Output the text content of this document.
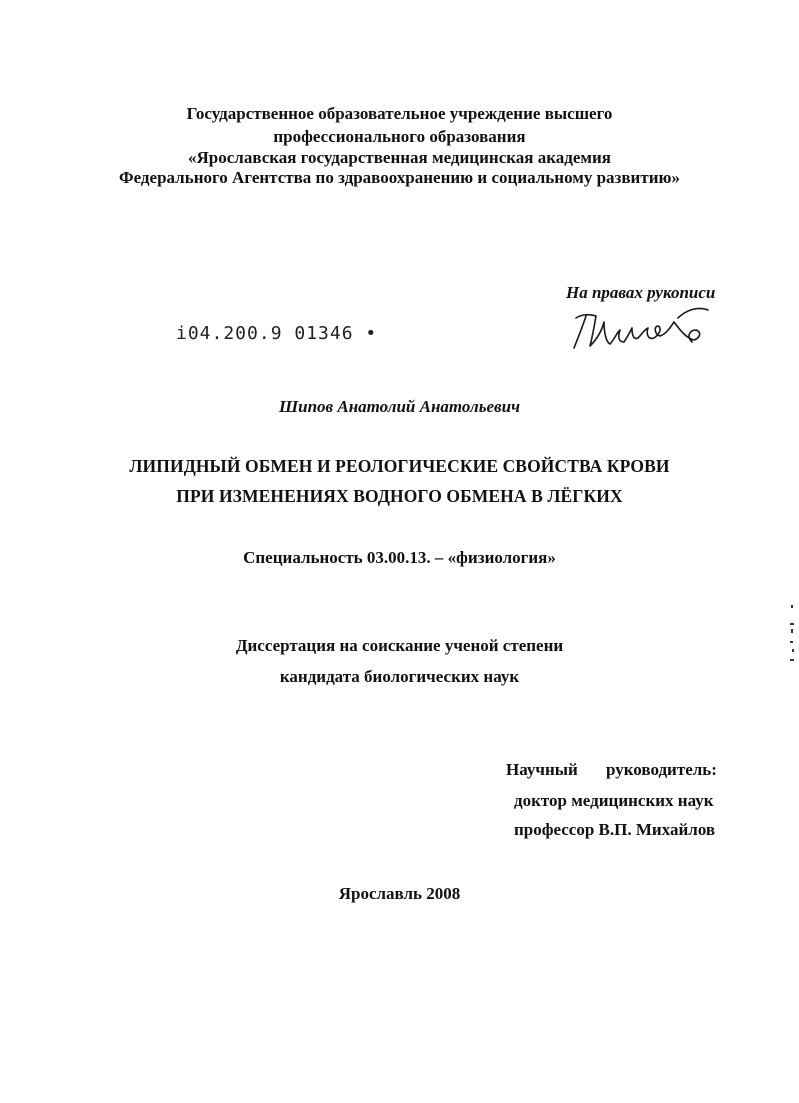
Государственное образовательное учреждение высшего
профессионального образования
«Ярославская государственная медицинская академия
Федерального Агентства по здравоохранению и социальному развитию»
На правах рукописи
i04.200.9 01346 •
Шипов Анатолий Анатольевич
ЛИПИДНЫЙ ОБМЕН И РЕОЛОГИЧЕСКИЕ СВОЙСТВА КРОВИ
ПРИ ИЗМЕНЕНИЯХ ВОДНОГО ОБМЕНА В ЛЁГКИХ
Специальность 03.00.13. – «физиология»
Диссертация на соискание ученой степени
кандидата биологических наук
Научный руководитель:
доктор медицинских наук
профессор В.П. Михайлов
Ярославль 2008
